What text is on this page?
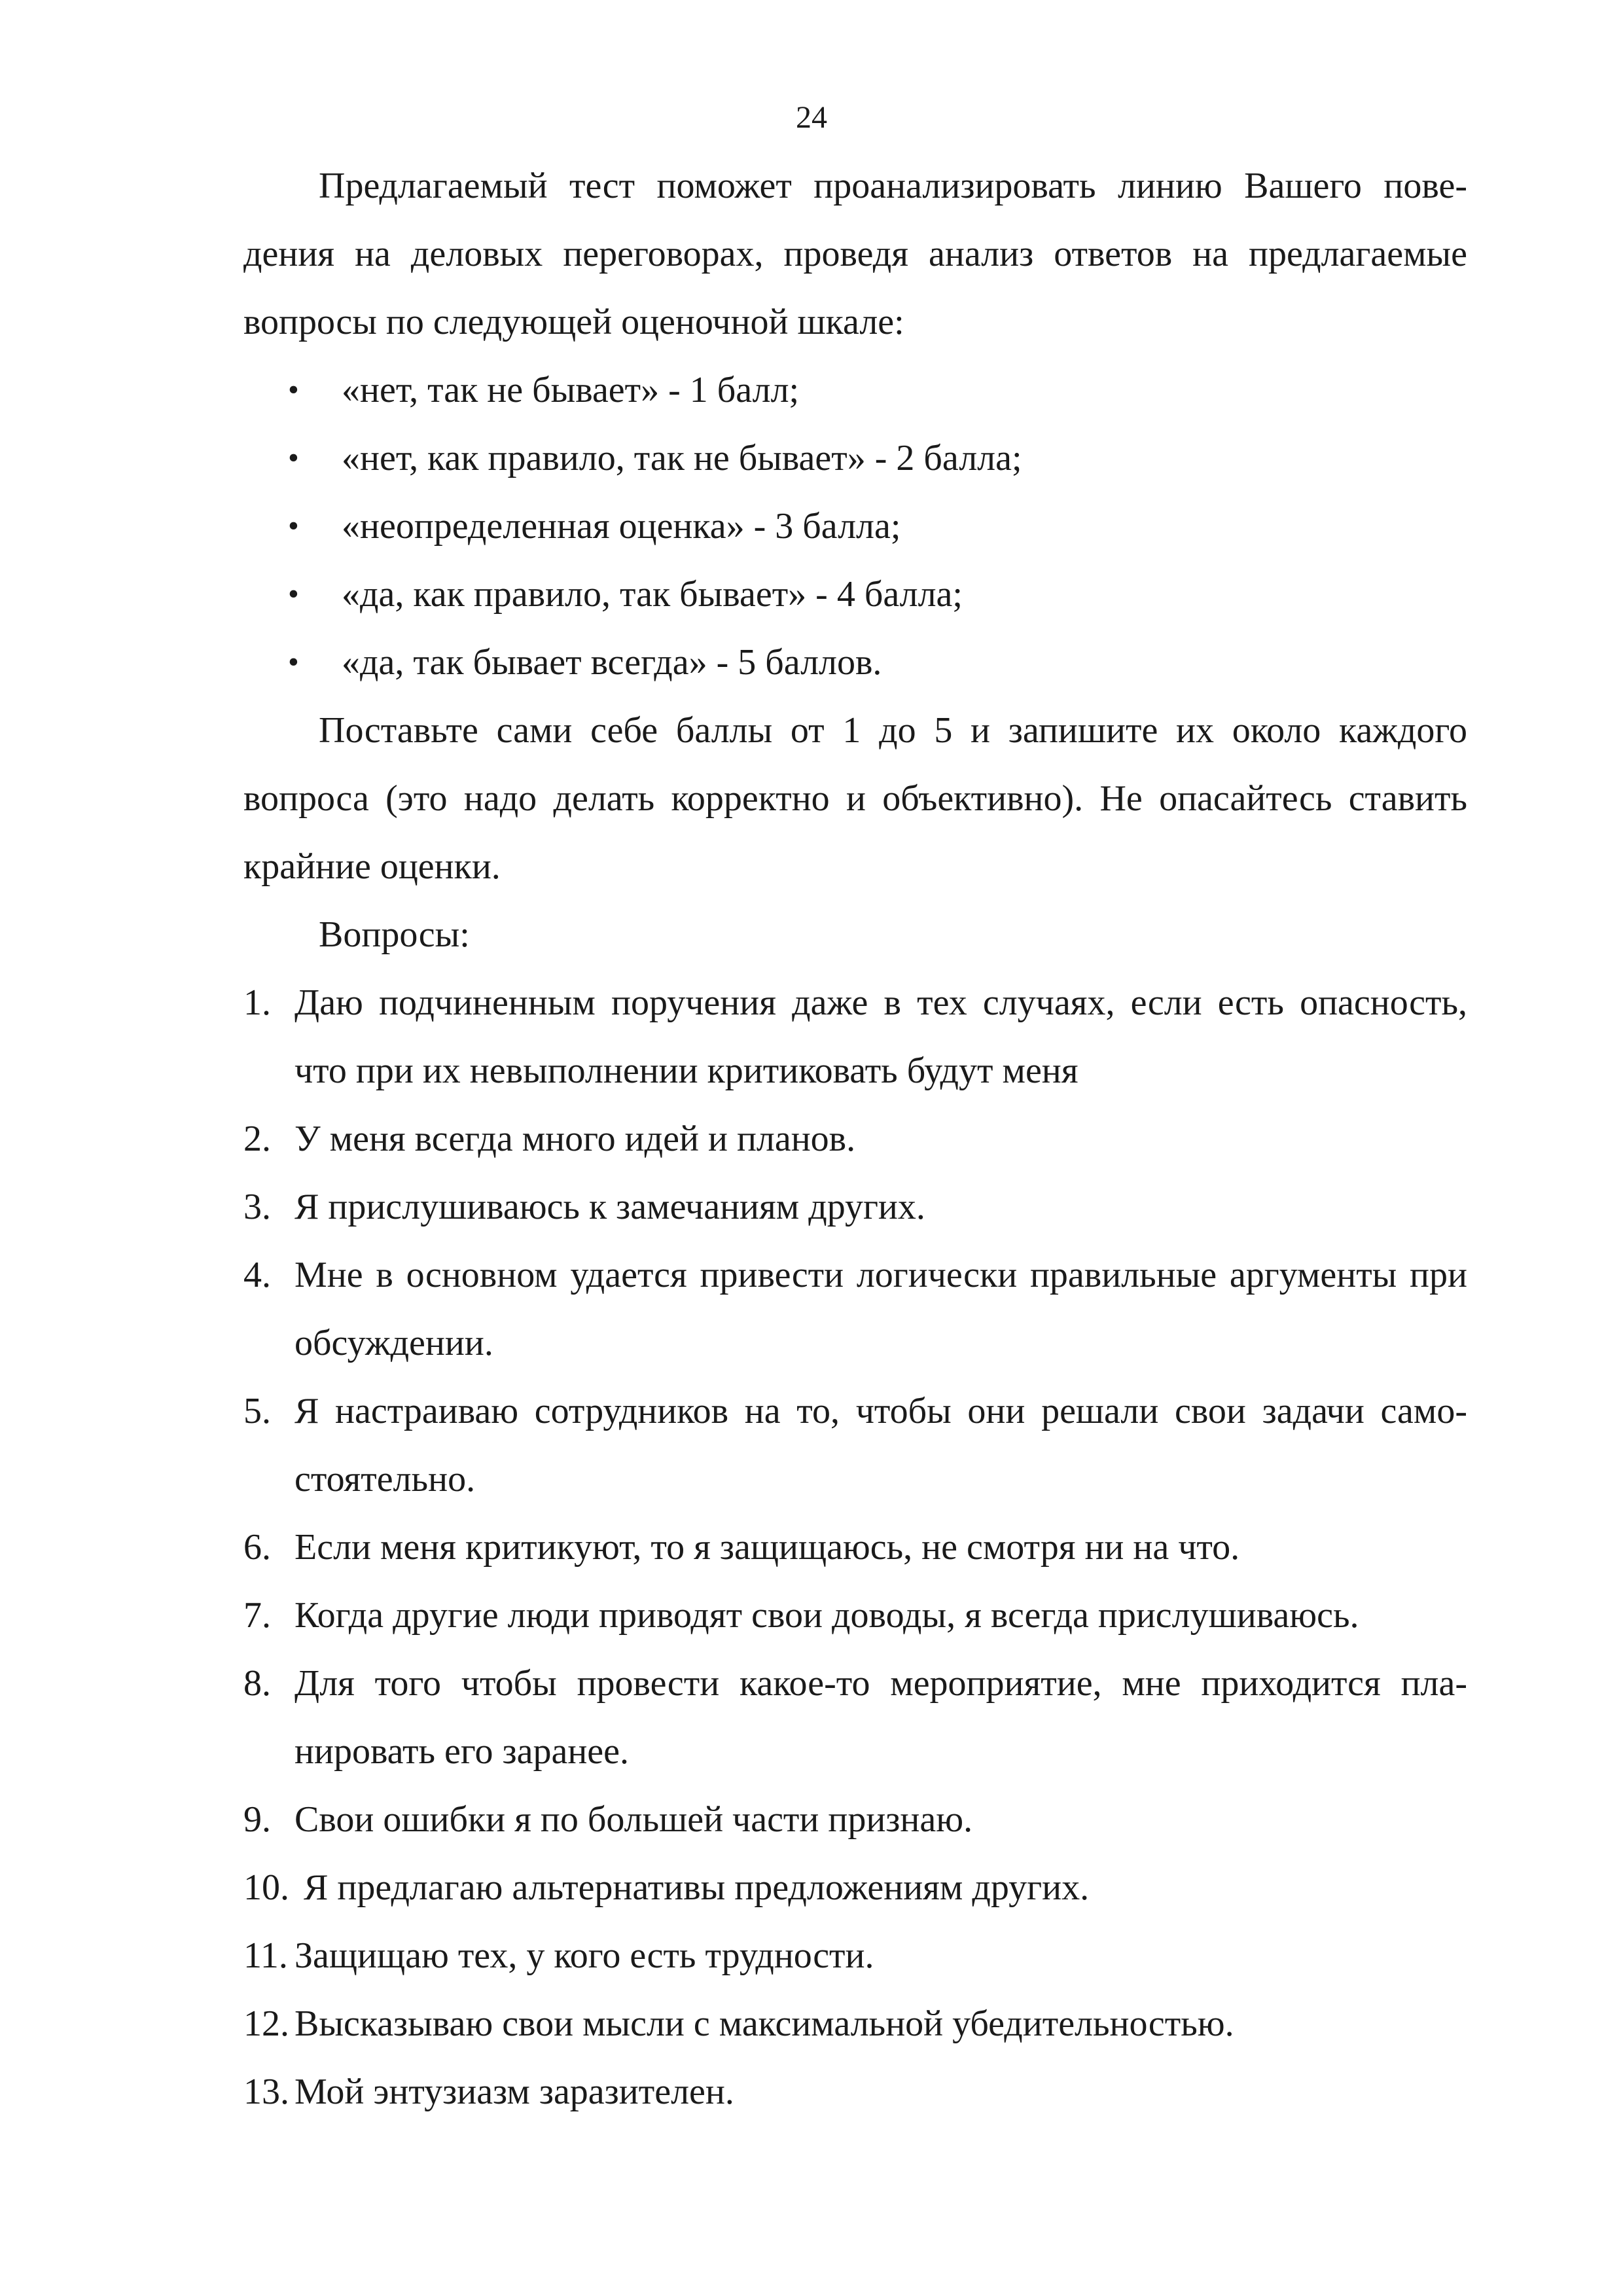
24

Предлагаемый тест поможет проанализировать линию Вашего поведения на деловых переговорах, проведя анализ ответов на предлагаемые вопросы по следующей оценочной шкале:

• «нет, так не бывает» - 1 балл;
• «нет, как правило, так не бывает» - 2 балла;
• «неопределенная оценка» - 3 балла;
• «да, как правило, так бывает» - 4 балла;
• «да, так бывает всегда» - 5 баллов.

Поставьте сами себе баллы от 1 до 5 и запишите их около каждого вопроса (это надо делать корректно и объективно). Не опасайтесь ставить крайние оценки.

Вопросы:

1. Даю подчиненным поручения даже в тех случаях, если есть опасность, что при их невыполнении критиковать будут меня
2. У меня всегда много идей и планов.
3. Я прислушиваюсь к замечаниям других.
4. Мне в основном удается привести логически правильные аргументы при обсуждении.
5. Я настраиваю сотрудников на то, чтобы они решали свои задачи самостоятельно.
6. Если меня критикуют, то я защищаюсь, не смотря ни на что.
7. Когда другие люди приводят свои доводы, я всегда прислушиваюсь.
8. Для того чтобы провести какое-то мероприятие, мне приходится планировать его заранее.
9. Свои ошибки я по большей части признаю.
10. Я предлагаю альтернативы предложениям других.
11. Защищаю тех, у кого есть трудности.
12. Высказываю свои мысли с максимальной убедительностью.
13. Мой энтузиазм заразителен.
